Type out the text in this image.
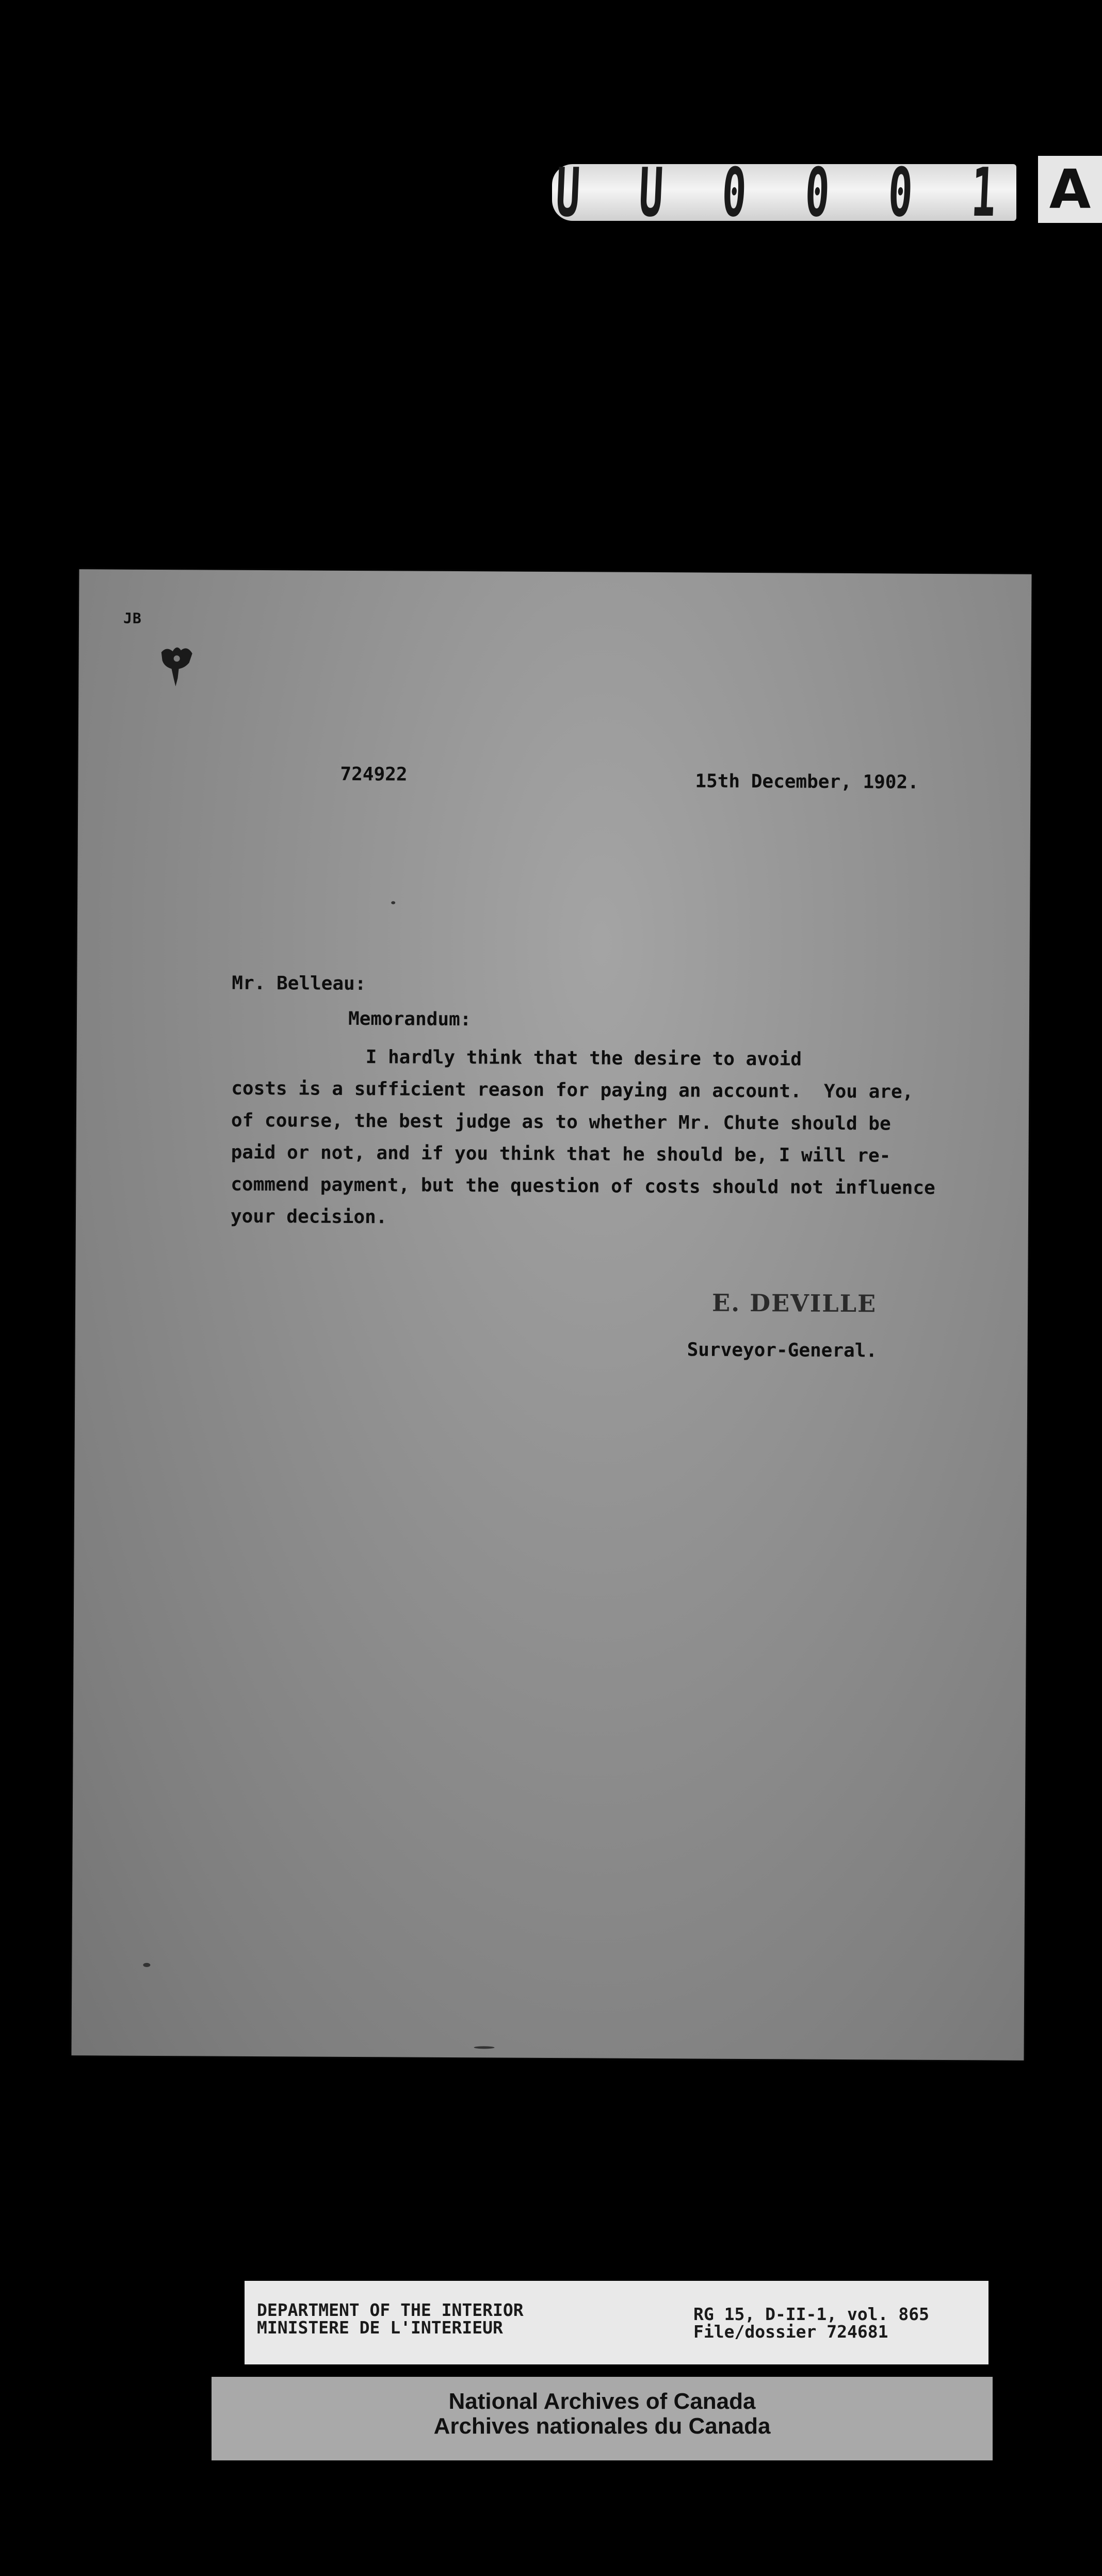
U U 0 0 0 1 A
JB
724922	15th December, 1902.
Mr. Belleau:
Memorandum:
I hardly think that the desire to avoid
costs is a sufficient reason for paying an account.  You are,
of course, the best judge as to whether Mr. Chute should be
paid or not, and if you think that he should be, I will re-
commend payment, but the question of costs should not influence
your decision.
E. DEVILLE
Surveyor-General.
DEPARTMENT OF THE INTERIOR
MINISTERE DE L'INTERIEUR
RG 15, D-II-1, vol. 865
File/dossier 724681
National Archives of Canada
Archives nationales du Canada
